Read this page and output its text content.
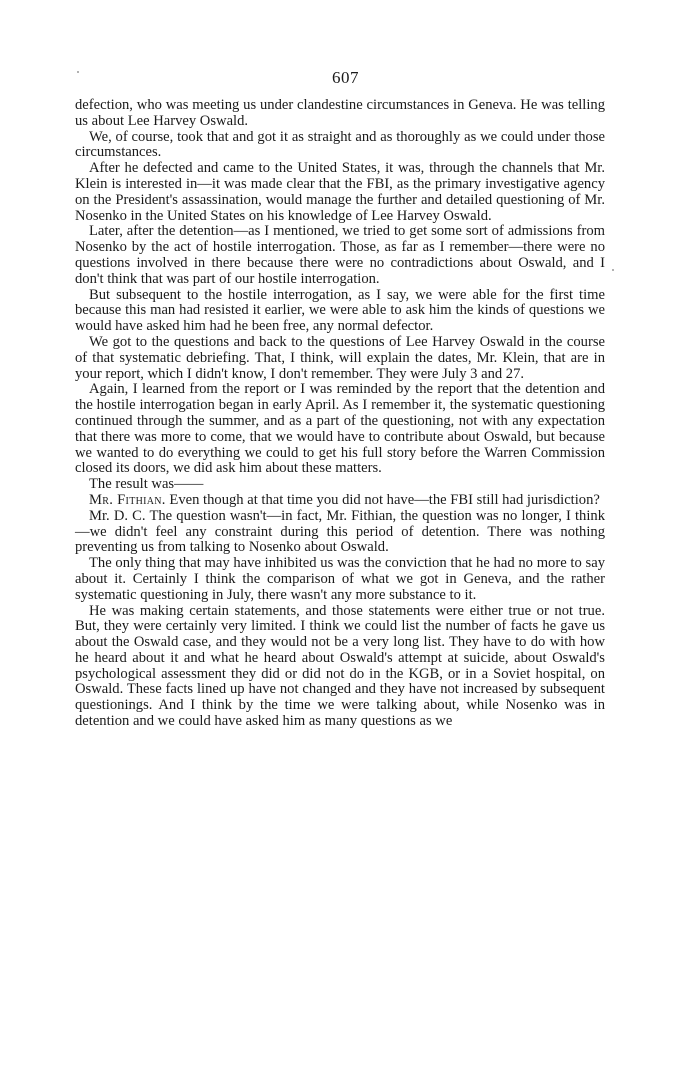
607

defection, who was meeting us under clandestine circumstances in Geneva. He was telling us about Lee Harvey Oswald.

We, of course, took that and got it as straight and as thoroughly as we could under those circumstances.

After he defected and came to the United States, it was, through the channels that Mr. Klein is interested in—it was made clear that the FBI, as the primary investigative agency on the President's assassination, would manage the further and detailed questioning of Mr. Nosenko in the United States on his knowledge of Lee Harvey Oswald.

Later, after the detention—as I mentioned, we tried to get some sort of admissions from Nosenko by the act of hostile interrogation. Those, as far as I remember—there were no questions involved in there because there were no contradictions about Oswald, and I don't think that was part of our hostile interrogation.

But subsequent to the hostile interrogation, as I say, we were able for the first time because this man had resisted it earlier, we were able to ask him the kinds of questions we would have asked him had he been free, any normal defector.

We got to the questions and back to the questions of Lee Harvey Oswald in the course of that systematic debriefing. That, I think, will explain the dates, Mr. Klein, that are in your report, which I didn't know, I don't remember. They were July 3 and 27.

Again, I learned from the report or I was reminded by the report that the detention and the hostile interrogation began in early April. As I remember it, the systematic questioning continued through the summer, and as a part of the questioning, not with any expectation that there was more to come, that we would have to contribute about Oswald, but because we wanted to do everything we could to get his full story before the Warren Commission closed its doors, we did ask him about these matters.

The result was——

Mr. Fithian. Even though at that time you did not have—the FBI still had jurisdiction?

Mr. D. C. The question wasn't—in fact, Mr. Fithian, the question was no longer, I think—we didn't feel any constraint during this period of detention. There was nothing preventing us from talking to Nosenko about Oswald.

The only thing that may have inhibited us was the conviction that he had no more to say about it. Certainly I think the comparison of what we got in Geneva, and the rather systematic questioning in July, there wasn't any more substance to it.

He was making certain statements, and those statements were either true or not true. But, they were certainly very limited. I think we could list the number of facts he gave us about the Oswald case, and they would not be a very long list. They have to do with how he heard about it and what he heard about Oswald's attempt at suicide, about Oswald's psychological assessment they did or did not do in the KGB, or in a Soviet hospital, on Oswald. These facts lined up have not changed and they have not increased by subsequent questionings. And I think by the time we were talking about, while Nosenko was in detention and we could have asked him as many questions as we
